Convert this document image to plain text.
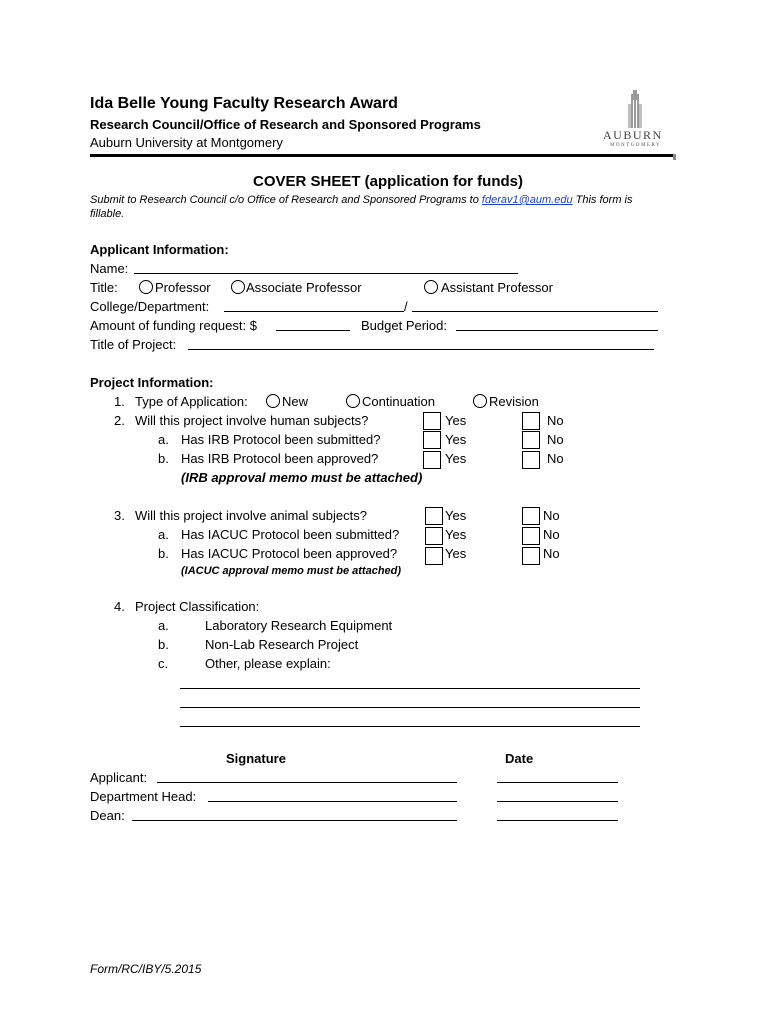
Ida Belle Young Faculty Research Award
Research Council/Office of Research and Sponsored Programs
Auburn University at Montgomery	AUBURN
MONTGOMERY
COVER SHEET (application for funds)
Submit to Research Council c/o Office of Research and Sponsored Programs to fderav1@aum.edu This form is
fillable.
Applicant Information:
Name:
Title:	Professor	Associate Professor	Assistant Professor
College/Department:	/
Amount of funding request: $	Budget Period:
Title of Project:
Project Information:
1. Type of Application:	New	Continuation	Revision
2. Will this project involve human subjects?	Yes	No
a. Has IRB Protocol been submitted?	Yes	No
b. Has IRB Protocol been approved?	Yes	No
(IRB approval memo must be attached)
3. Will this project involve animal subjects?	Yes	No
a. Has IACUC Protocol been submitted?	Yes	No
b. Has IACUC Protocol been approved?	Yes	No
(IACUC approval memo must be attached)
4. Project Classification:
a.	Laboratory Research Equipment
b.	Non-Lab Research Project
c.	Other, please explain:
Signature	Date
Applicant:
Department Head:
Dean:
Form/RC/IBY/5.2015
